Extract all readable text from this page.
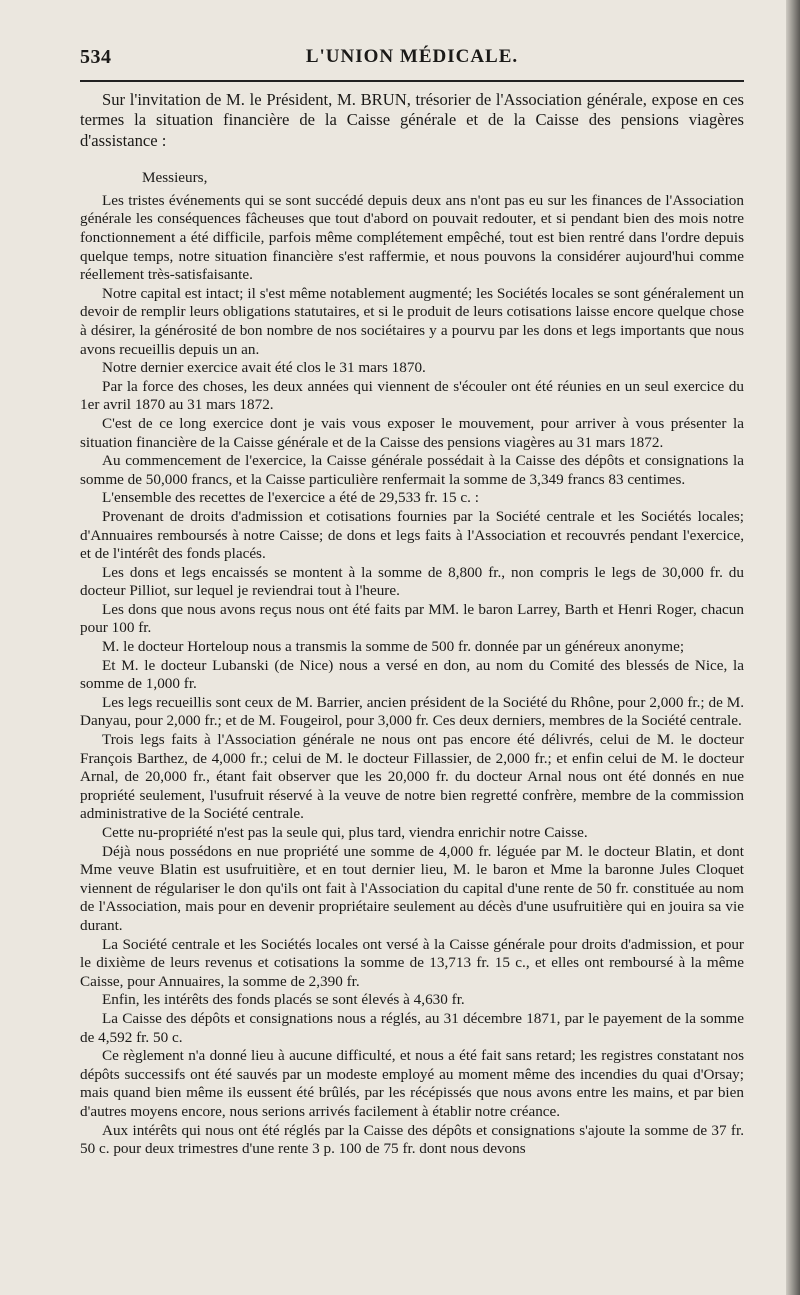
534	L'UNION MÉDICALE.

Sur l'invitation de M. le Président, M. BRUN, trésorier de l'Association générale, expose en ces termes la situation financière de la Caisse générale et de la Caisse des pensions viagères d'assistance :

Messieurs,

Les tristes événements qui se sont succédé depuis deux ans n'ont pas eu sur les finances de l'Association générale les conséquences fâcheuses que tout d'abord on pouvait redouter, et si pendant bien des mois notre fonctionnement a été difficile, parfois même complétement empêché, tout est bien rentré dans l'ordre depuis quelque temps, notre situation financière s'est raffermie, et nous pouvons la considérer aujourd'hui comme réellement très-satisfaisante.

Notre capital est intact; il s'est même notablement augmenté; les Sociétés locales se sont généralement un devoir de remplir leurs obligations statutaires, et si le produit de leurs cotisations laisse encore quelque chose à désirer, la générosité de bon nombre de nos sociétaires y a pourvu par les dons et legs importants que nous avons recueillis depuis un an.

Notre dernier exercice avait été clos le 31 mars 1870.

Par la force des choses, les deux années qui viennent de s'écouler ont été réunies en un seul exercice du 1er avril 1870 au 31 mars 1872.

C'est de ce long exercice dont je vais vous exposer le mouvement, pour arriver à vous présenter la situation financière de la Caisse générale et de la Caisse des pensions viagères au 31 mars 1872.

Au commencement de l'exercice, la Caisse générale possédait à la Caisse des dépôts et consignations la somme de 50,000 francs, et la Caisse particulière renfermait la somme de 3,349 francs 83 centimes.

L'ensemble des recettes de l'exercice a été de 29,533 fr. 15 c. :

Provenant de droits d'admission et cotisations fournies par la Société centrale et les Sociétés locales; d'Annuaires remboursés à notre Caisse; de dons et legs faits à l'Association et recouvrés pendant l'exercice, et de l'intérêt des fonds placés.

Les dons et legs encaissés se montent à la somme de 8,800 fr., non compris le legs de 30,000 fr. du docteur Pilliot, sur lequel je reviendrai tout à l'heure.

Les dons que nous avons reçus nous ont été faits par MM. le baron Larrey, Barth et Henri Roger, chacun pour 100 fr.

M. le docteur Horteloup nous a transmis la somme de 500 fr. donnée par un généreux anonyme;

Et M. le docteur Lubanski (de Nice) nous a versé en don, au nom du Comité des blessés de Nice, la somme de 1,000 fr.

Les legs recueillis sont ceux de M. Barrier, ancien président de la Société du Rhône, pour 2,000 fr.; de M. Danyau, pour 2,000 fr.; et de M. Fougeirol, pour 3,000 fr. Ces deux derniers, membres de la Société centrale.

Trois legs faits à l'Association générale ne nous ont pas encore été délivrés, celui de M. le docteur François Barthez, de 4,000 fr.; celui de M. le docteur Fillassier, de 2,000 fr.; et enfin celui de M. le docteur Arnal, de 20,000 fr., étant fait observer que les 20,000 fr. du docteur Arnal nous ont été donnés en nue propriété seulement, l'usufruit réservé à la veuve de notre bien regretté confrère, membre de la commission administrative de la Société centrale.

Cette nu-propriété n'est pas la seule qui, plus tard, viendra enrichir notre Caisse.

Déjà nous possédons en nue propriété une somme de 4,000 fr. léguée par M. le docteur Blatin, et dont Mme veuve Blatin est usufruitière, et en tout dernier lieu, M. le baron et Mme la baronne Jules Cloquet viennent de régulariser le don qu'ils ont fait à l'Association du capital d'une rente de 50 fr. constituée au nom de l'Association, mais pour en devenir propriétaire seulement au décès d'une usufruitière qui en jouira sa vie durant.

La Société centrale et les Sociétés locales ont versé à la Caisse générale pour droits d'admission, et pour le dixième de leurs revenus et cotisations la somme de 13,713 fr. 15 c., et elles ont remboursé à la même Caisse, pour Annuaires, la somme de 2,390 fr.

Enfin, les intérêts des fonds placés se sont élevés à 4,630 fr.

La Caisse des dépôts et consignations nous a réglés, au 31 décembre 1871, par le payement de la somme de 4,592 fr. 50 c.

Ce règlement n'a donné lieu à aucune difficulté, et nous a été fait sans retard; les registres constatant nos dépôts successifs ont été sauvés par un modeste employé au moment même des incendies du quai d'Orsay; mais quand bien même ils eussent été brûlés, par les récépissés que nous avons entre les mains, et par bien d'autres moyens encore, nous serions arrivés facilement à établir notre créance.

Aux intérêts qui nous ont été réglés par la Caisse des dépôts et consignations s'ajoute la somme de 37 fr. 50 c. pour deux trimestres d'une rente 3 p. 100 de 75 fr. dont nous devons
